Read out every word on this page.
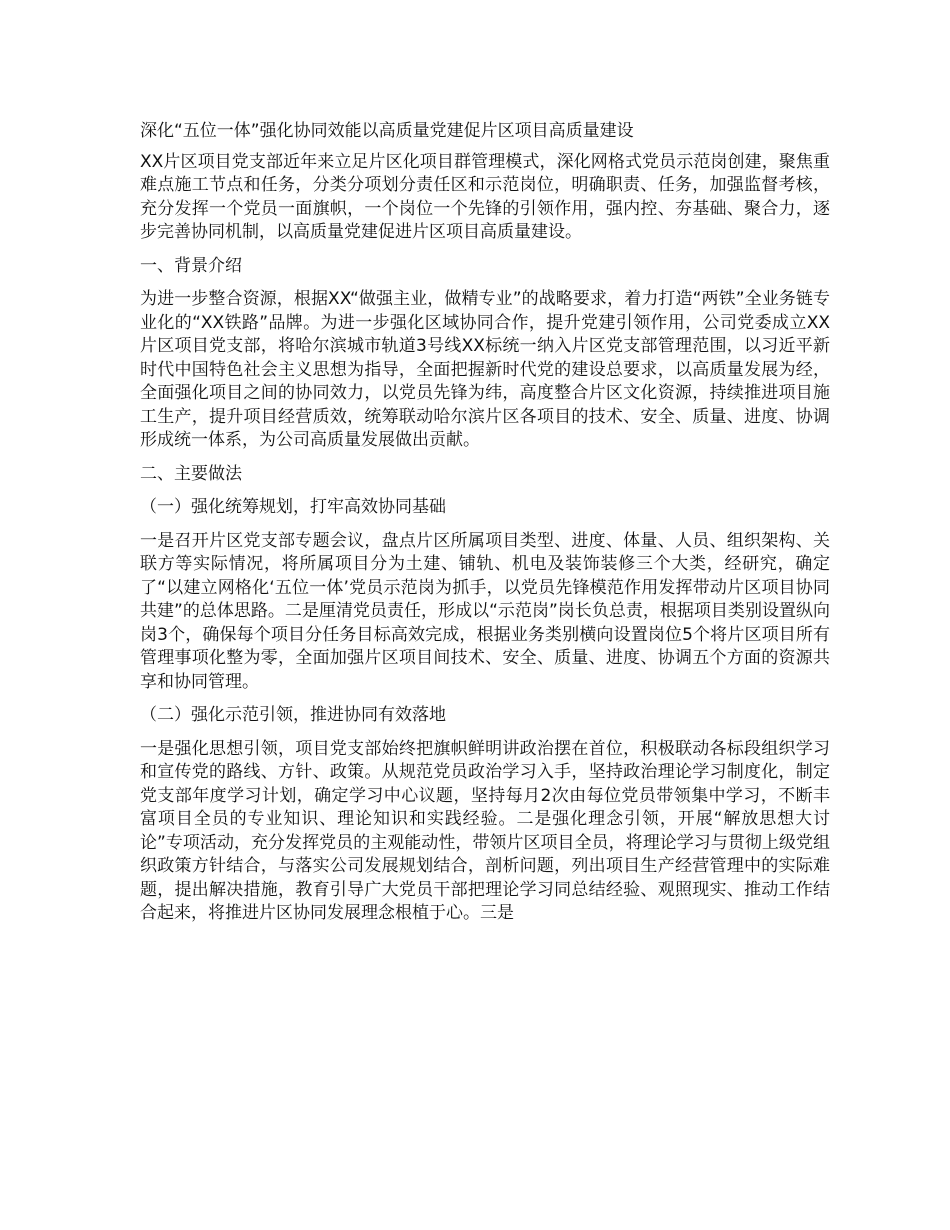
深化“五位一体”强化协同效能以高质量党建促片区项目高质量建设

XX片区项目党支部近年来立足片区化项目群管理模式，深化网格式党员示范岗创建，聚焦重难点施工节点和任务，分类分项划分责任区和示范岗位，明确职责、任务，加强监督考核，充分发挥一个党员一面旗帜，一个岗位一个先锋的引领作用，强内控、夯基础、聚合力，逐步完善协同机制，以高质量党建促进片区项目高质量建设。

一、背景介绍

为进一步整合资源，根据XX“做强主业，做精专业”的战略要求，着力打造“两铁”全业务链专业化的“XX铁路”品牌。为进一步强化区域协同合作，提升党建引领作用，公司党委成立XX片区项目党支部，将哈尔滨城市轨道3号线XX标统一纳入片区党支部管理范围，以习近平新时代中国特色社会主义思想为指导，全面把握新时代党的建设总要求，以高质量发展为经，全面强化项目之间的协同效力，以党员先锋为纬，高度整合片区文化资源，持续推进项目施工生产，提升项目经营质效，统筹联动哈尔滨片区各项目的技术、安全、质量、进度、协调形成统一体系，为公司高质量发展做出贡献。

二、主要做法

（一）强化统筹规划，打牢高效协同基础

一是召开片区党支部专题会议，盘点片区所属项目类型、进度、体量、人员、组织架构、关联方等实际情况，将所属项目分为土建、铺轨、机电及装饰装修三个大类，经研究，确定了“以建立网格化‘五位一体’党员示范岗为抓手，以党员先锋模范作用发挥带动片区项目协同共建”的总体思路。二是厘清党员责任，形成以“示范岗”岗长负总责，根据项目类别设置纵向岗3个，确保每个项目分任务目标高效完成，根据业务类别横向设置岗位5个将片区项目所有管理事项化整为零，全面加强片区项目间技术、安全、质量、进度、协调五个方面的资源共享和协同管理。

（二）强化示范引领，推进协同有效落地

一是强化思想引领，项目党支部始终把旗帜鲜明讲政治摆在首位，积极联动各标段组织学习和宣传党的路线、方针、政策。从规范党员政治学习入手，坚持政治理论学习制度化，制定党支部年度学习计划，确定学习中心议题，坚持每月2次由每位党员带领集中学习，不断丰富项目全员的专业知识、理论知识和实践经验。二是强化理念引领，开展“解放思想大讨论”专项活动，充分发挥党员的主观能动性，带领片区项目全员，将理论学习与贯彻上级党组织政策方针结合，与落实公司发展规划结合，剖析问题，列出项目生产经营管理中的实际难题，提出解决措施，教育引导广大党员干部把理论学习同总结经验、观照现实、推动工作结合起来，将推进片区协同发展理念根植于心。三是
